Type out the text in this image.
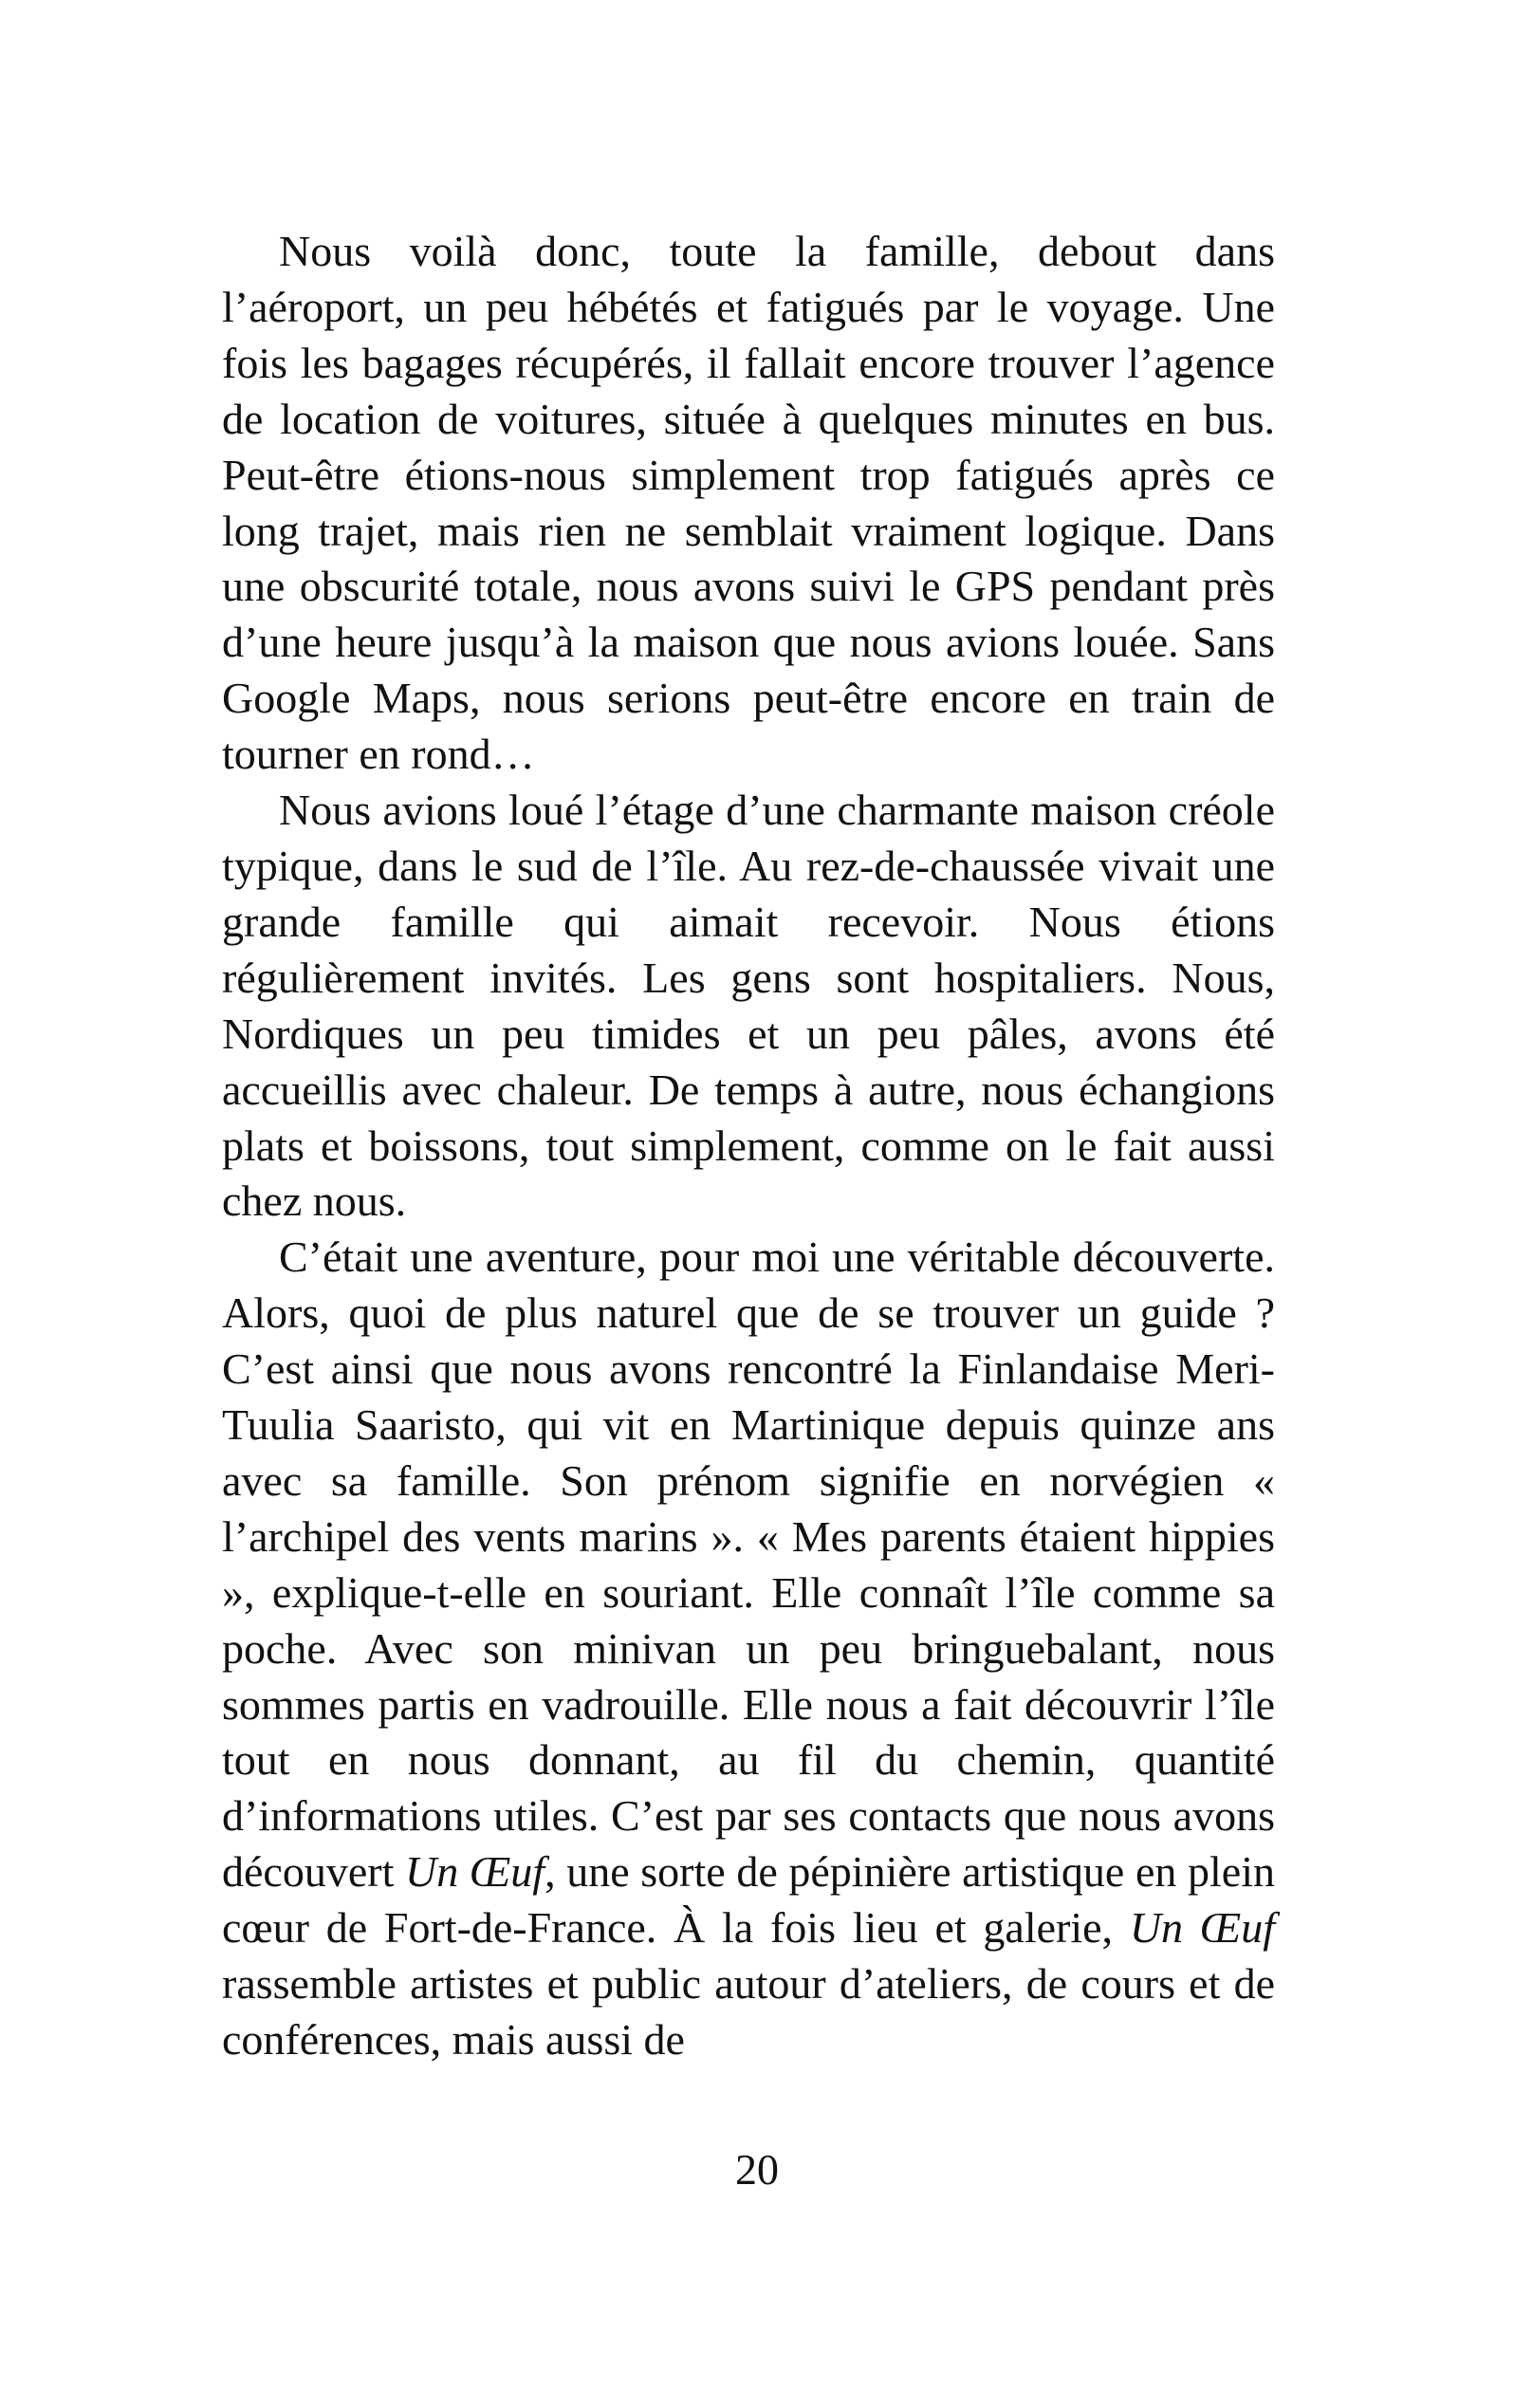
Nous voilà donc, toute la famille, debout dans l’aéroport, un peu hébétés et fatigués par le voyage. Une fois les bagages récupérés, il fallait encore trouver l’agence de location de voitures, située à quelques minutes en bus. Peut-être étions-nous simplement trop fatigués après ce long trajet, mais rien ne semblait vraiment logique. Dans une obscurité totale, nous avons suivi le GPS pendant près d’une heure jusqu’à la maison que nous avions louée. Sans Google Maps, nous serions peut-être encore en train de tourner en rond…

Nous avions loué l’étage d’une charmante maison créole typique, dans le sud de l’île. Au rez-de-chaussée vivait une grande famille qui aimait recevoir. Nous étions régulièrement invités. Les gens sont hospitaliers. Nous, Nordiques un peu timides et un peu pâles, avons été accueillis avec chaleur. De temps à autre, nous échangions plats et boissons, tout simplement, comme on le fait aussi chez nous.

C’était une aventure, pour moi une véritable découverte. Alors, quoi de plus naturel que de se trouver un guide ? C’est ainsi que nous avons rencontré la Finlandaise Meri-Tuulia Saaristo, qui vit en Martinique depuis quinze ans avec sa famille. Son prénom signifie en norvégien « l’archipel des vents marins ». « Mes parents étaient hippies », explique-t-elle en souriant. Elle connaît l’île comme sa poche. Avec son minivan un peu bringuebalant, nous sommes partis en vadrouille. Elle nous a fait découvrir l’île tout en nous donnant, au fil du chemin, quantité d’informations utiles. C’est par ses contacts que nous avons découvert Un Œuf, une sorte de pépinière artistique en plein cœur de Fort-de-France. À la fois lieu et galerie, Un Œuf rassemble artistes et public autour d’ateliers, de cours et de conférences, mais aussi de

20
